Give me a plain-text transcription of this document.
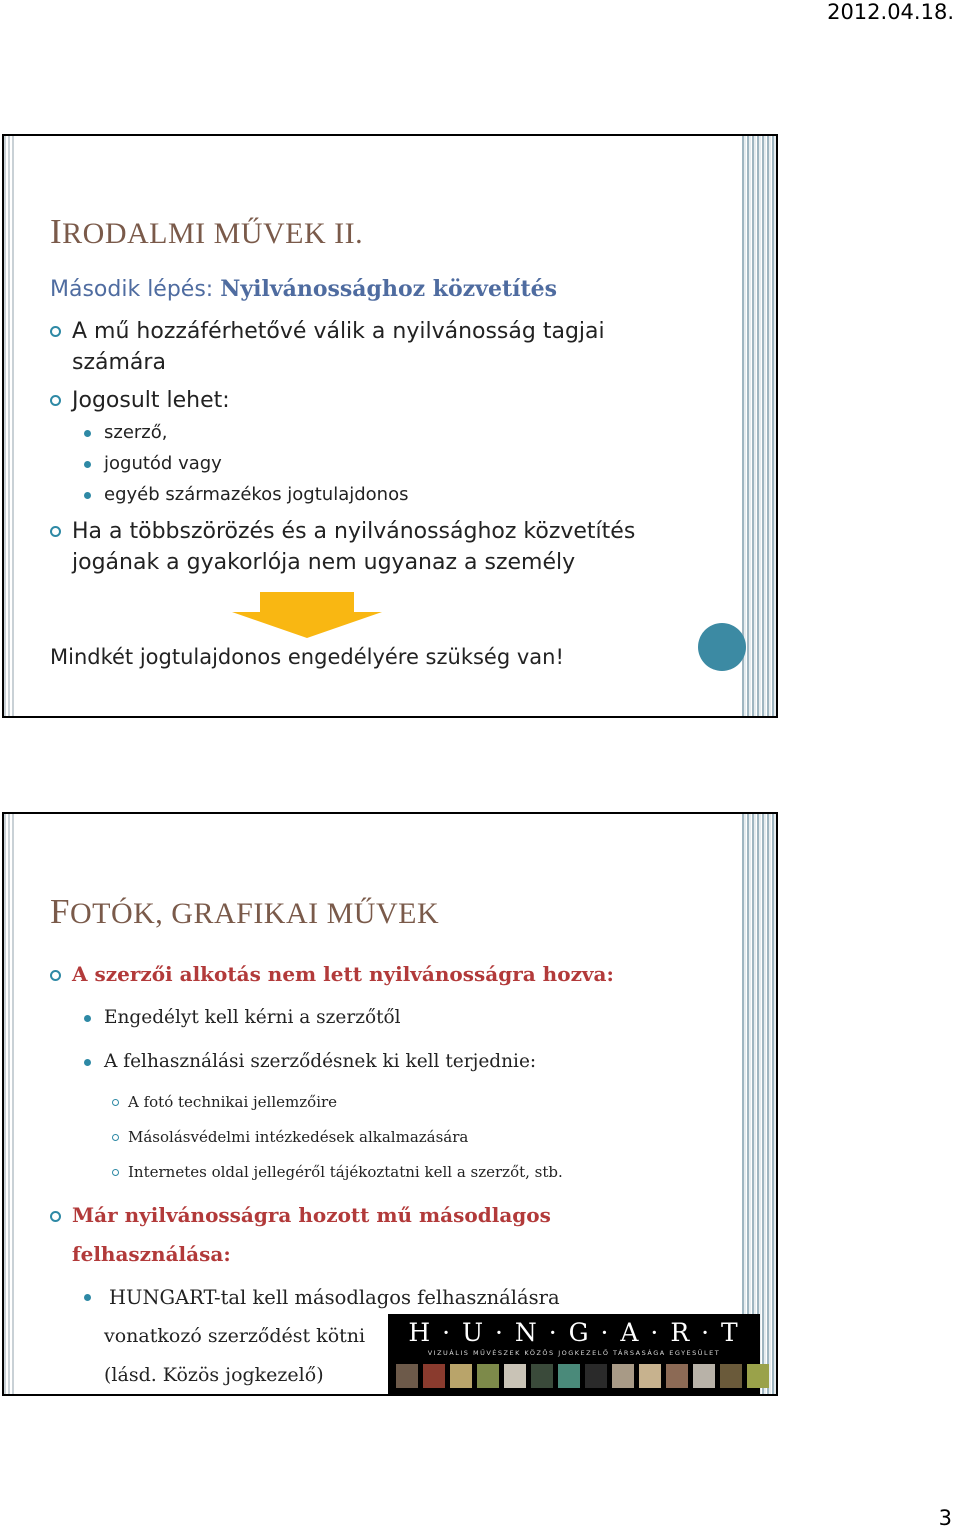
2012.04.18.
IRODALMI MŰVEK II.
Második lépés: Nyilvánossághoz közvetítés
A mű hozzáférhetővé válik a nyilvánosság tagjai számára
Jogosult lehet:
szerző,
jogutód vagy
egyéb származékos jogtulajdonos
Ha a többszörözés és a nyilvánossághoz közvetítés jogának a gyakorlója nem ugyanaz a személy
Mindkét jogtulajdonos engedélyére szükség van!
FOTÓK, GRAFIKAI MŰVEK
A szerzői alkotás nem lett nyilvánosságra hozva:
Engedélyt kell kérni a szerzőtől
A felhasználási szerződésnek ki kell terjednie:
A fotó technikai jellemzőire
Másolásvédelmi intézkedések alkalmazására
Internetes oldal jellegéről tájékoztatni kell a szerzőt, stb.
Már nyilvánosságra hozott mű másodlagos
felhasználása:
HUNGART-tal kell másodlagos felhasználásra
vonatkozó szerződést kötni
(lásd. Közös jogkezelő)
H · U · N · G · A · R · T
VIZUÁLIS MŰVÉSZEK KÖZÖS JOGKEZELŐ TÁRSASÁGA EGYESÜLET
3
